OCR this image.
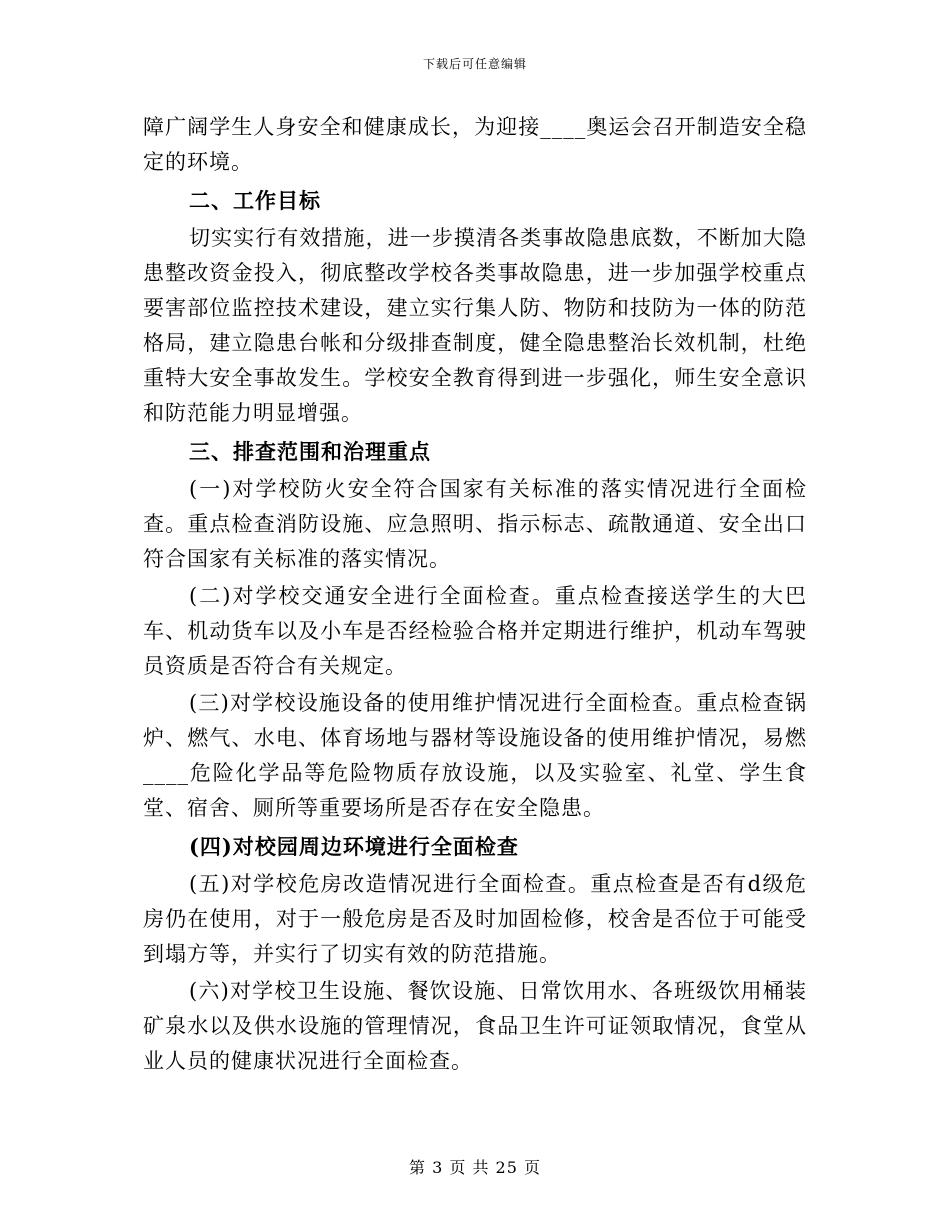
下载后可任意编辑

障广阔学生人身安全和健康成长，为迎接____奥运会召开制造安全稳定的环境。

二、工作目标

切实实行有效措施，进一步摸清各类事故隐患底数，不断加大隐患整改资金投入，彻底整改学校各类事故隐患，进一步加强学校重点要害部位监控技术建设，建立实行集人防、物防和技防为一体的防范格局，建立隐患台帐和分级排查制度，健全隐患整治长效机制，杜绝重特大安全事故发生。学校安全教育得到进一步强化，师生安全意识和防范能力明显增强。

三、排查范围和治理重点

(一)对学校防火安全符合国家有关标准的落实情况进行全面检查。重点检查消防设施、应急照明、指示标志、疏散通道、安全出口符合国家有关标准的落实情况。

(二)对学校交通安全进行全面检查。重点检查接送学生的大巴车、机动货车以及小车是否经检验合格并定期进行维护，机动车驾驶员资质是否符合有关规定。

(三)对学校设施设备的使用维护情况进行全面检查。重点检查锅炉、燃气、水电、体育场地与器材等设施设备的使用维护情况，易燃____危险化学品等危险物质存放设施，以及实验室、礼堂、学生食堂、宿舍、厕所等重要场所是否存在安全隐患。

(四)对校园周边环境进行全面检查

(五)对学校危房改造情况进行全面检查。重点检查是否有d级危房仍在使用，对于一般危房是否及时加固检修，校舍是否位于可能受到塌方等，并实行了切实有效的防范措施。

(六)对学校卫生设施、餐饮设施、日常饮用水、各班级饮用桶装矿泉水以及供水设施的管理情况，食品卫生许可证领取情况，食堂从业人员的健康状况进行全面检查。

第 3 页 共 25 页
